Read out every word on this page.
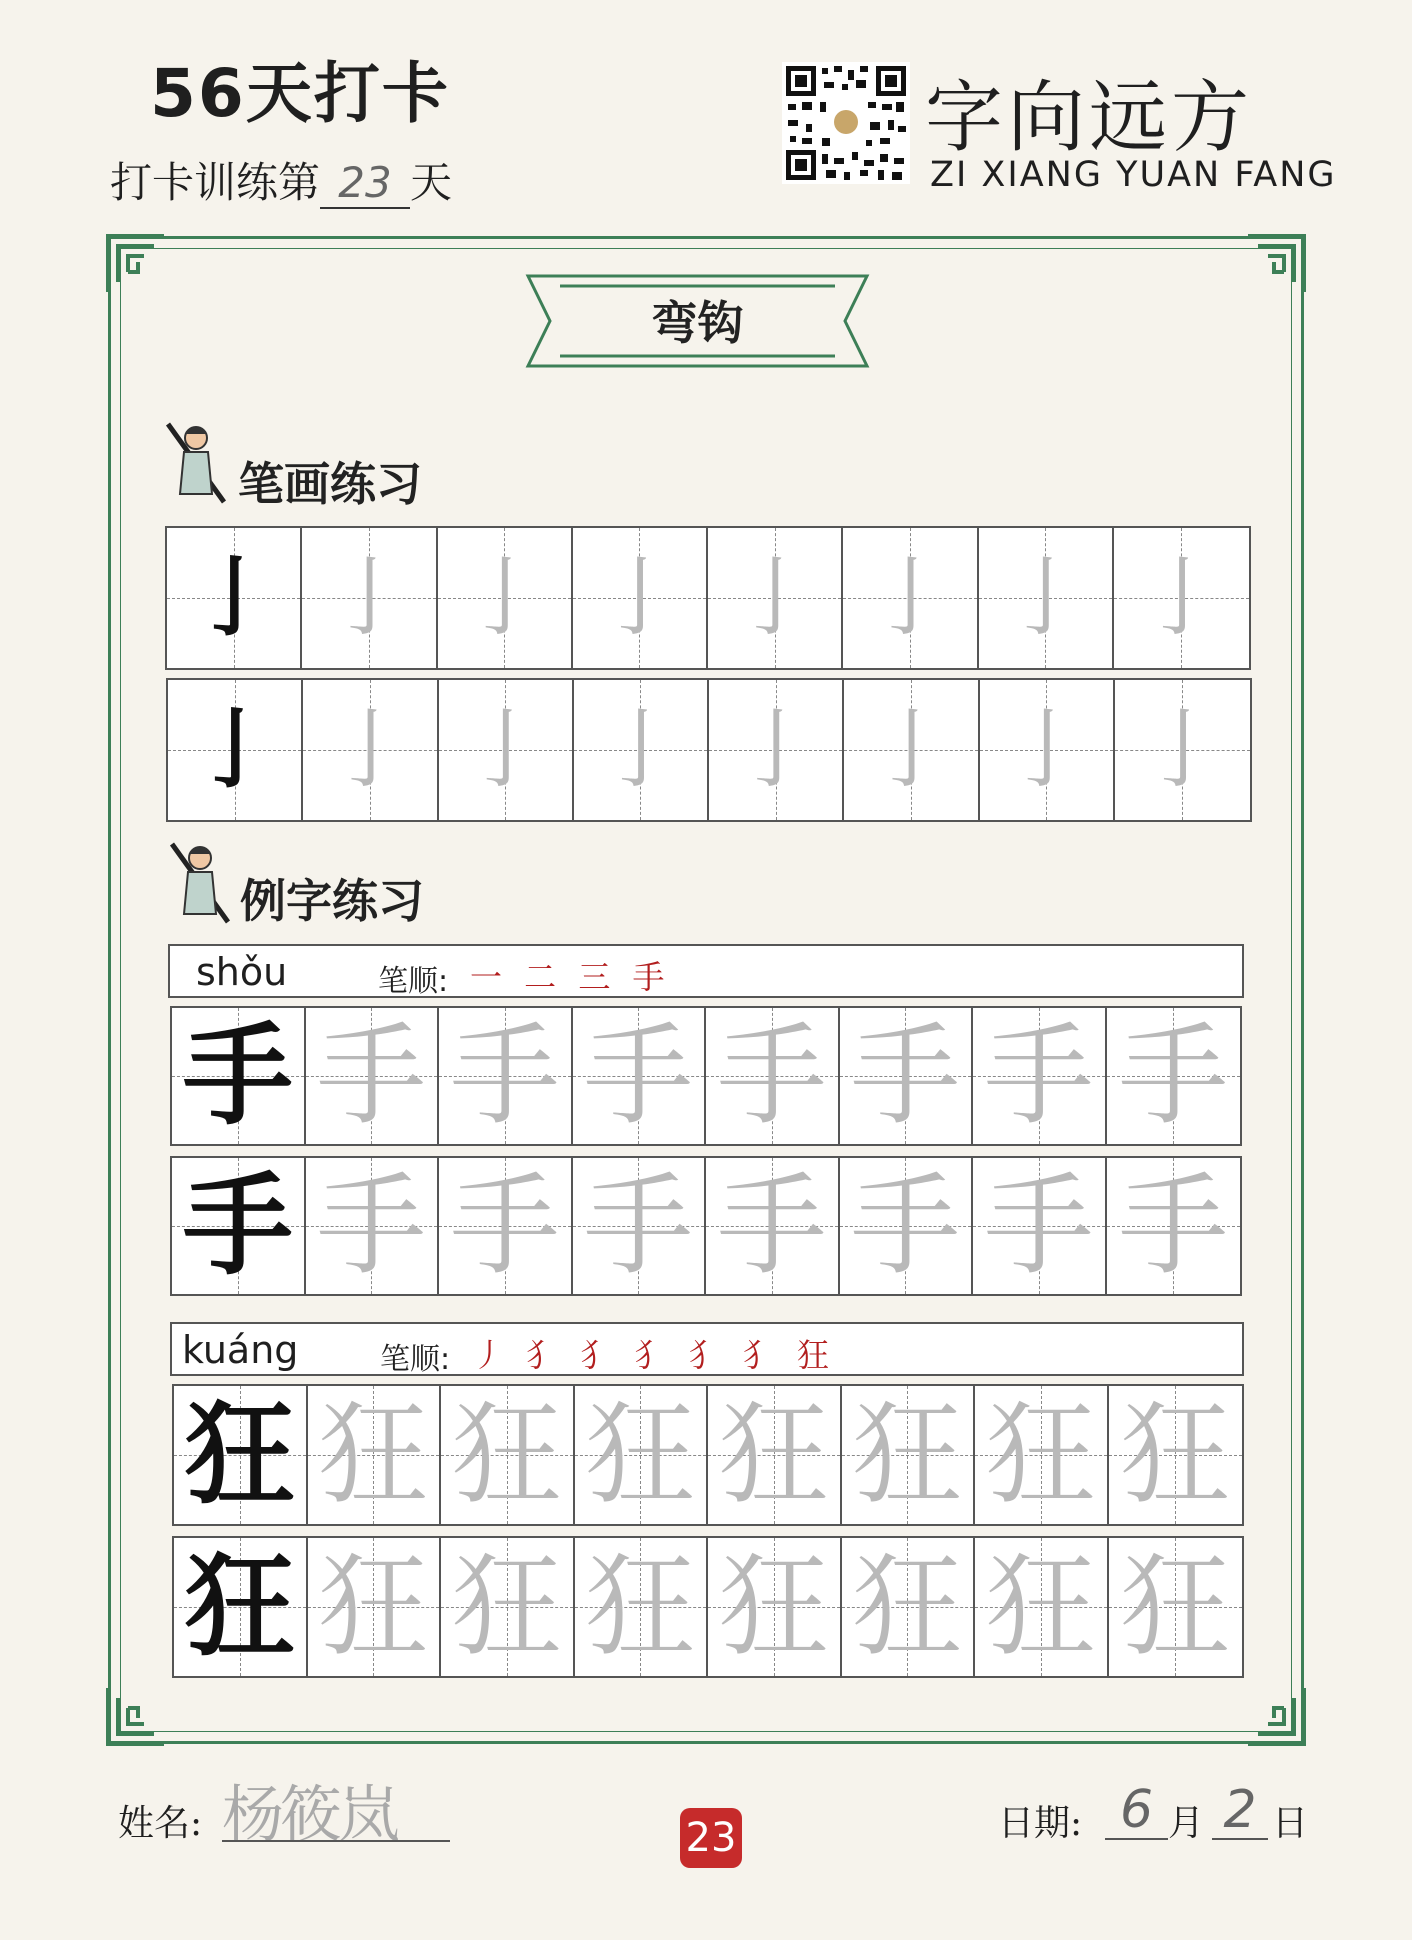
56天打卡
打卡训练第 23 天
字向远方
ZI XIANG YUAN FANG
弯钩
笔画练习
亅 亅 亅 亅 亅 亅 亅 亅
亅 亅 亅 亅 亅 亅 亅 亅
例字练习
shǒu	笔顺: 一 二 三 手
手 手 手 手 手 手 手 手
手 手 手 手 手 手 手 手
kuáng	笔顺: 丿 犭 犭 犭 犭 犭 狂
狂 狂 狂 狂 狂 狂 狂 狂
狂 狂 狂 狂 狂 狂 狂 狂
姓名: 杨筱岚	23	日期: 6 月 2 日
